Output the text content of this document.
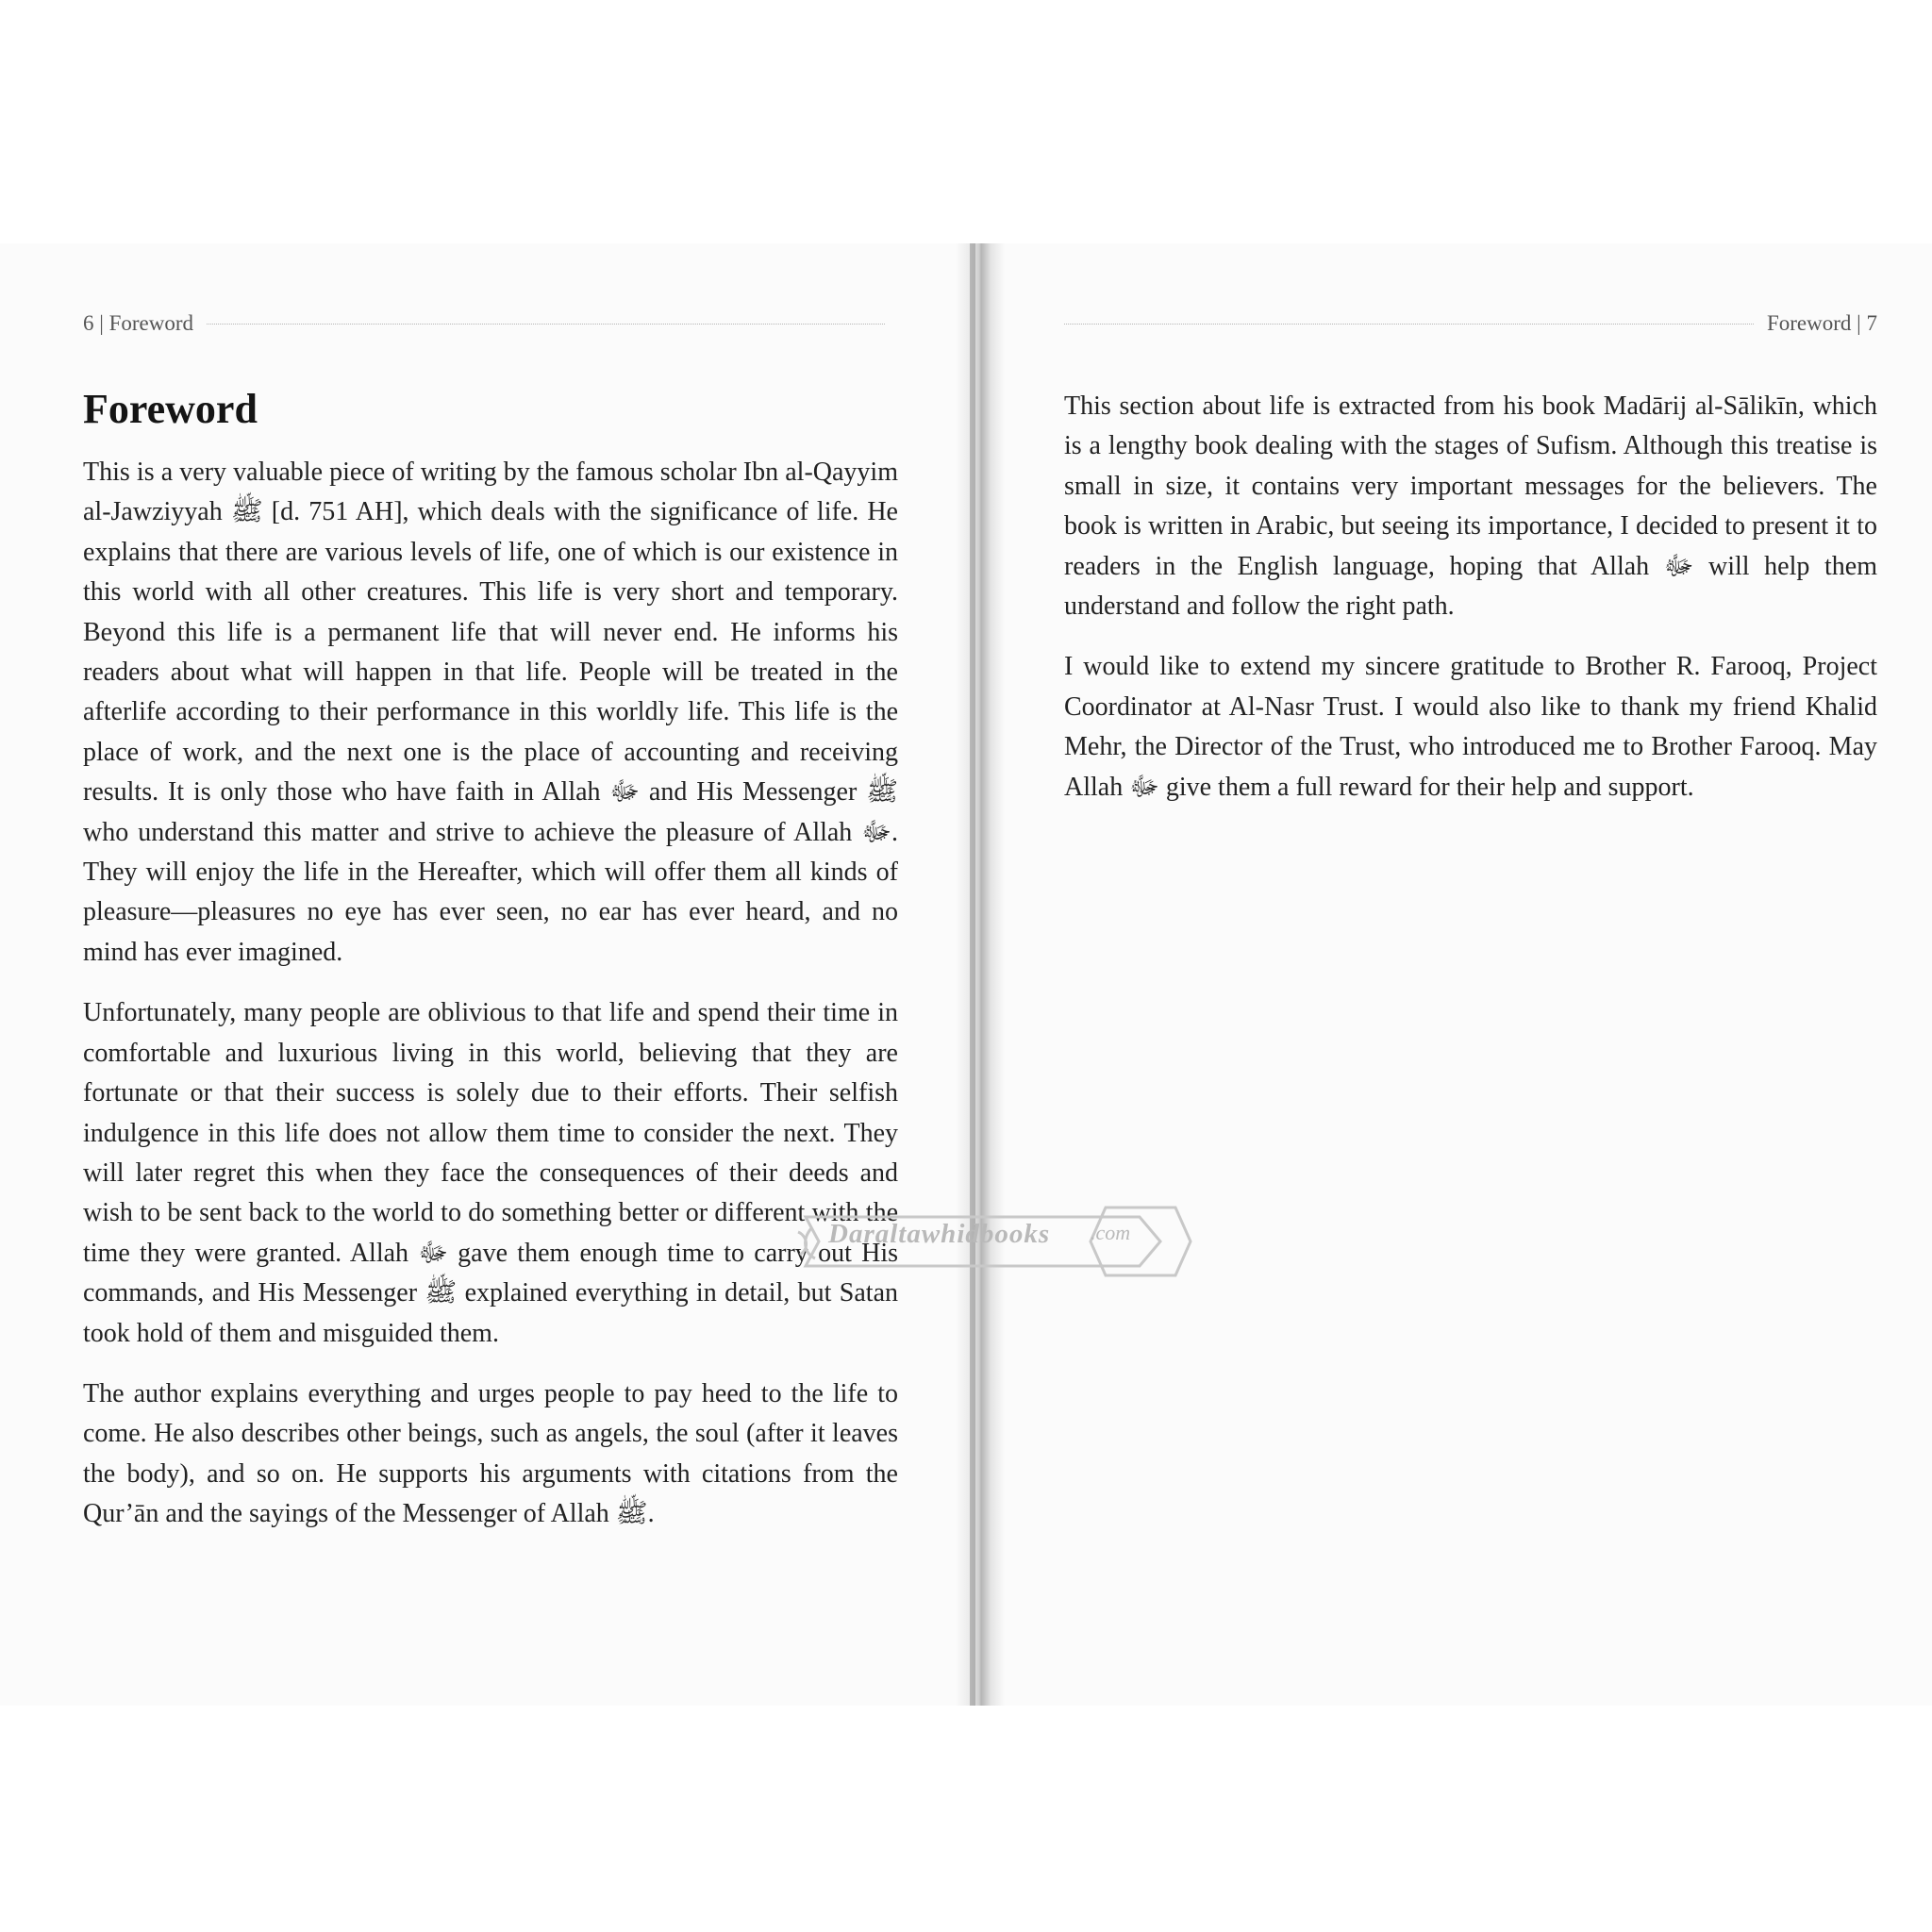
6 | Foreword
Foreword

This is a very valuable piece of writing by the famous scholar Ibn al-Qayyim al-Jawziyyah ﷺ [d. 751 AH], which deals with the significance of life. He explains that there are various levels of life, one of which is our existence in this world with all other creatures. This life is very short and temporary. Beyond this life is a permanent life that will never end. He informs his readers about what will happen in that life. People will be treated in the afterlife according to their performance in this worldly life. This life is the place of work, and the next one is the place of accounting and receiving results. It is only those who have faith in Allah ﷻ and His Messenger ﷺ who understand this matter and strive to achieve the pleasure of Allah ﷻ. They will enjoy the life in the Hereafter, which will offer them all kinds of pleasure—pleasures no eye has ever seen, no ear has ever heard, and no mind has ever imagined.

Unfortunately, many people are oblivious to that life and spend their time in comfortable and luxurious living in this world, believing that they are fortunate or that their success is solely due to their efforts. Their selfish indulgence in this life does not allow them time to consider the next. They will later regret this when they face the consequences of their deeds and wish to be sent back to the world to do something better or different with the time they were granted. Allah ﷻ gave them enough time to carry out His commands, and His Messenger ﷺ explained everything in detail, but Satan took hold of them and misguided them.

The author explains everything and urges people to pay heed to the life to come. He also describes other beings, such as angels, the soul (after it leaves the body), and so on. He supports his arguments with citations from the Qur’ān and the sayings of the Messenger of Allah ﷺ.

Foreword | 7

This section about life is extracted from his book Madārij al-Sālikīn, which is a lengthy book dealing with the stages of Sufism. Although this treatise is small in size, it contains very important messages for the believers. The book is written in Arabic, but seeing its importance, I decided to present it to readers in the English language, hoping that Allah ﷻ will help them understand and follow the right path.

I would like to extend my sincere gratitude to Brother R. Farooq, Project Coordinator at Al-Nasr Trust. I would also like to thank my friend Khalid Mehr, the Director of the Trust, who introduced me to Brother Farooq. May Allah ﷻ give them a full reward for their help and support.

Daraltawhidbooks .com
